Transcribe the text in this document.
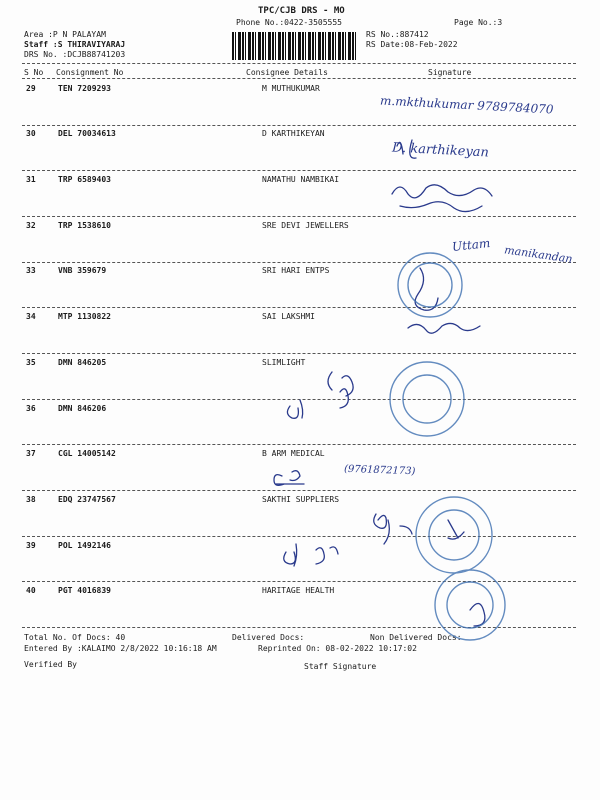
TPC/CJB DRS - MO
Phone No.:0422-3505555	Page No.:3
Area :P N PALAYAM
Staff :S THIRAVIYARAJ
DRS No. :DCJB88741203
RS No.:887412
RS Date:08-Feb-2022
S No Consignment No	Consignee Details	Signature
29	TEN 7209293	M MUTHUKUMAR
30	DEL 70034613	D KARTHIKEYAN
31	TRP 6589403	NAMATHU NAMBIKAI
32	TRP 1538610	SRE DEVI JEWELLERS
33	VNB 359679	SRI HARI ENTPS
34	MTP 1130822	SAI LAKSHMI
35	DMN 846205	SLIMLIGHT
36	DMN 846206
37	CGL 14005142	B ARM MEDICAL
38	EDQ 23747567	SAKTHI SUPPLIERS
39	POL 1492146
40	PGT 4016839	HARITAGE HEALTH
Total No. Of Docs: 40	Delivered Docs:	Non Delivered Docs:
Entered By :KALAIMO 2/8/2022 10:16:18 AM	Reprinted On: 08-02-2022 10:17:02
Verified By	Staff Signature
m.mkthukumar 9789784070
D. karthikeyan
Uttam manikandan
(9761872173)
